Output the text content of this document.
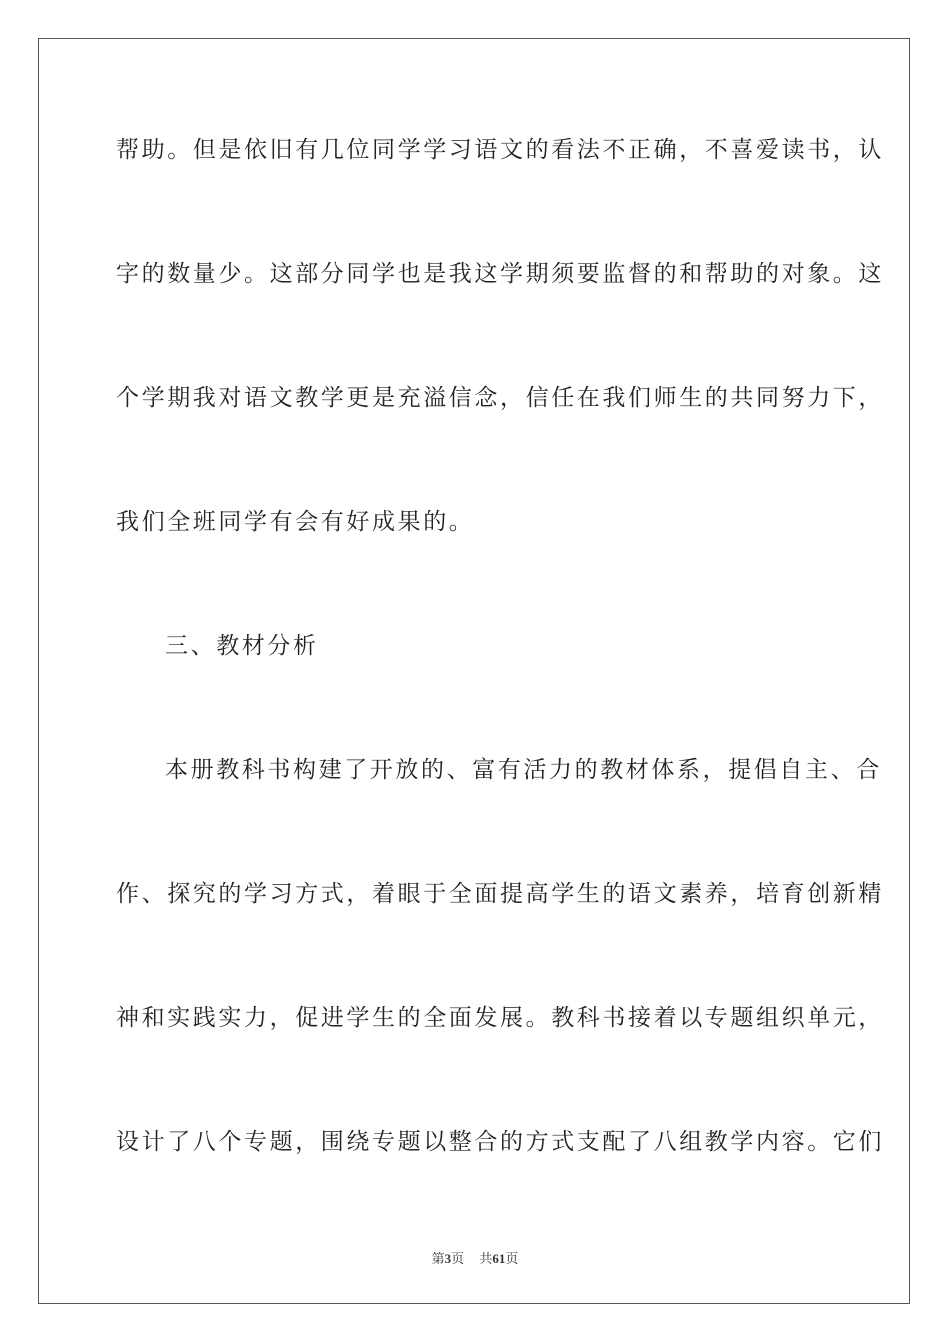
帮助。但是依旧有几位同学学习语文的看法不正确，不喜爱读书，认
字的数量少。这部分同学也是我这学期须要监督的和帮助的对象。这
个学期我对语文教学更是充溢信念，信任在我们师生的共同努力下，
我们全班同学有会有好成果的。
三、教材分析
本册教科书构建了开放的、富有活力的教材体系，提倡自主、合
作、探究的学习方式，着眼于全面提高学生的语文素养，培育创新精
神和实践实力，促进学生的全面发展。教科书接着以专题组织单元，
设计了八个专题，围绕专题以整合的方式支配了八组教学内容。它们
第3页 共61页
